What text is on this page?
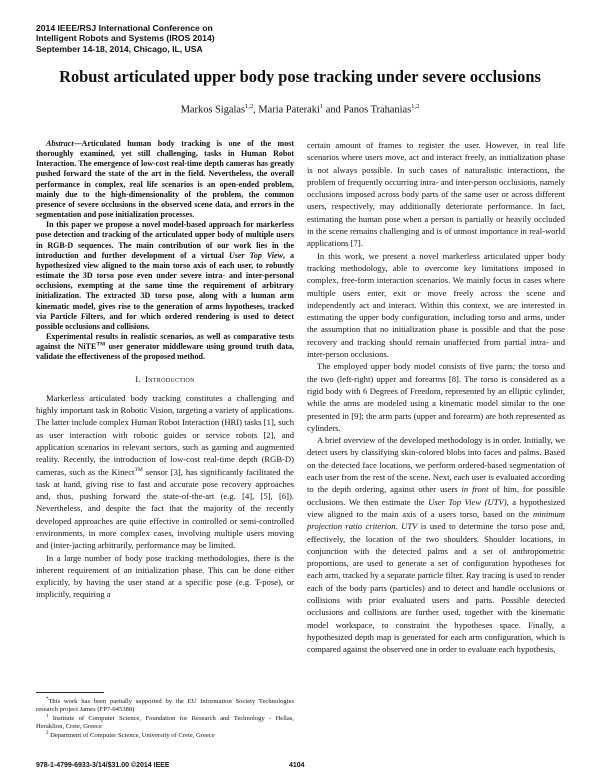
2014 IEEE/RSJ International Conference on
Intelligent Robots and Systems (IROS 2014)
September 14-18, 2014, Chicago, IL, USA
Robust articulated upper body pose tracking under severe occlusions
Markos Sigalas$^{1,2}$, Maria Pateraki$^1$ and Panos Trahanias$^{1,2}$

Abstract—Articulated human body tracking is one of the most thoroughly examined, yet still challenging, tasks in Human Robot Interaction. The emergence of low-cost real-time depth cameras has greatly pushed forward the state of the art in the field. Nevertheless, the overall performance in complex, real life scenarios is an open-ended problem, mainly due to the high-dimensionality of the problem, the common presence of severe occlusions in the observed scene data, and errors in the segmentation and pose initialization processes.

In this paper we propose a novel model-based approach for markerless pose detection and tracking of the articulated upper body of multiple users in RGB-D sequences. The main contribution of our work lies in the introduction and further development of a virtual User Top View, a hypothesized view aligned to the main torso axis of each user, to robustly estimate the 3D torso pose even under severe intra- and inter-personal occlusions, exempting at the same time the requirement of arbitrary initialization. The extracted 3D torso pose, along with a human arm kinematic model, gives rise to the generation of arms hypotheses, tracked via Particle Filters, and for which ordered rendering is used to detect possible occlusions and collisions.

Experimental results in realistic scenarios, as well as comparative tests against the NiTE™ user generator middleware using ground truth data, validate the effectiveness of the proposed method.

I. Introduction

Markerless articulated body tracking constitutes a challenging and highly important task in Robotic Vision, targeting a variety of applications. The latter include complex Human Robot Interaction (HRI) tasks [1], such as user interaction with robotic guides or service robots [2], and application scenarios in relevant sectors, such as gaming and augmented reality. Recently, the introduction of low-cost real-time depth (RGB-D) cameras, such as the Kinect™ sensor [3], has significantly facilitated the task at hand, giving rise to fast and accurate pose recovery approaches and, thus, pushing forward the state-of-the-art (e.g. [4], [5], [6]). Nevertheless, and despite the fact that the majority of the recently developed approaches are quite effective in controlled or semi-controlled environments, in more complex cases, involving multiple users moving and (inter-)acting arbitrarily, performance may be limited.

In a large number of body pose tracking methodologies, there is the inherent requirement of an initialization phase. This can be done either explicitly, by having the user stand at a specific pose (e.g. T-pose), or implicitly, requiring a

*This work has been partially supported by the EU Information Society Technologies research project James (FP7-045388)

$^1$ Institute of Computer Science, Foundation for Research and Technology - Hellas, Heraklion, Crete, Greece

$^2$ Department of Computer Science, University of Crete, Greece

certain amount of frames to register the user. However, in real life scenarios where users move, act and interact freely, an initialization phase is not always possible. In such cases of naturalistic interactions, the problem of frequently occurring intra- and inter-person occlusions, namely occlusions imposed across body parts of the same user or across different users, respectively, may additionally deteriorate performance. In fact, estimating the human pose when a person is partially or heavily occluded in the scene remains challenging and is of utmost importance in real-world applications [7].

In this work, we present a novel markerless articulated upper body tracking methodology, able to overcome key limitations imposed in complex, free-form interaction scenarios. We mainly focus in cases where multiple users enter, exit or move freely across the scene and independently act and interact. Within this context, we are interested in estimating the upper body configuration, including torso and arms, under the assumption that no initialization phase is possible and that the pose recovery and tracking should remain unaffected from partial intra- and inter-person occlusions.

The employed upper body model consists of five parts; the torso and the two (left-right) upper and forearms [8]. The torso is considered as a rigid body with 6 Degrees of Freedom, represented by an elliptic cylinder, while the arms are modeled using a kinematic model similar to the one presented in [9]; the arm parts (upper and forearm) are both represented as cylinders.

A brief overview of the developed methodology is in order. Initially, we detect users by classifying skin-colored blobs into faces and palms. Based on the detected face locations, we perform ordered-based segmentation of each user from the rest of the scene. Next, each user is evaluated according to the depth ordering, against other users in front of him, for possible occlusions. We then estimate the User Top View (UTV), a hypothesized view aligned to the main axis of a users torso, based on the minimum projection ratio criterion. UTV is used to determine the torso pose and, effectively, the location of the two shoulders. Shoulder locations, in conjunction with the detected palms and a set of anthropometric proportions, are used to generate a set of configuration hypotheses for each arm, tracked by a separate particle filter. Ray tracing is used to render each of the body parts (particles) and to detect and handle occlusions or collisions with prior evaluated users and parts. Possible detected occlusions and collisions are further used, together with the kinematic model workspace, to constraint the hypotheses space. Finally, a hypothesized depth map is generated for each arm configuration, which is compared against the observed one in order to evaluate each hypothesis,

978-1-4799-6933-3/14/$31.00 ©2014 IEEE	4104
